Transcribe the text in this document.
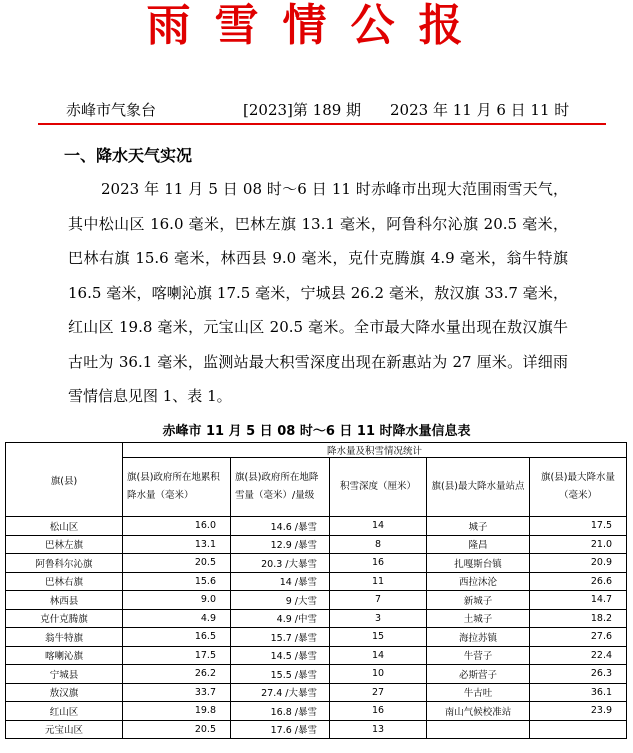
雨雪情公报
赤峰市气象台	[2023]第 189 期 2023 年 11 月 6 日 11 时
一、降水天气实况

2023 年 11 月 5 日 08 时～6 日 11 时赤峰市出现大范围雨雪天气，其中松山区 16.0 毫米，巴林左旗 13.1 毫米，阿鲁科尔沁旗 20.5 毫米，巴林右旗 15.6 毫米，林西县 9.0 毫米，克什克腾旗 4.9 毫米，翁牛特旗 16.5 毫米，喀喇沁旗 17.5 毫米，宁城县 26.2 毫米，敖汉旗 33.7 毫米，红山区 19.8 毫米，元宝山区 20.5 毫米。全市最大降水量出现在敖汉旗牛古吐为 36.1 毫米，监测站最大积雪深度出现在新惠站为 27 厘米。详细雨雪情信息见图 1、表 1。

赤峰市 11 月 5 日 08 时～6 日 11 时降水量信息表
旗(县)	降水量及积雪情况统计				
	旗(县)政府所在地累积降水量（毫米）	旗(县)政府所在地降雪量（毫米）/量级	积雪深度（厘米）	旗(县)最大降水量站点	旗(县)最大降水量（毫米）
松山区	16.0	14.6 /暴雪	14	城子	17.5
巴林左旗	13.1	12.9 /暴雪	8	隆昌	21.0
阿鲁科尔沁旗	20.5	20.3 /大暴雪	16	扎嘎斯台镇	20.9
巴林右旗	15.6	14 /暴雪	11	西拉沐沦	26.6
林西县	9.0	9 /大雪	7	新城子	14.7
克什克腾旗	4.9	4.9 /中雪	3	土城子	18.2
翁牛特旗	16.5	15.7 /暴雪	15	海拉苏镇	27.6
喀喇沁旗	17.5	14.5 /暴雪	14	牛营子	22.4
宁城县	26.2	15.5 /暴雪	10	必斯营子	26.3
敖汉旗	33.7	27.4 /大暴雪	27	牛古吐	36.1
红山区	19.8	16.8 /暴雪	16	南山气候校准站	23.9
元宝山区	20.5	17.6 /暴雪	13		
